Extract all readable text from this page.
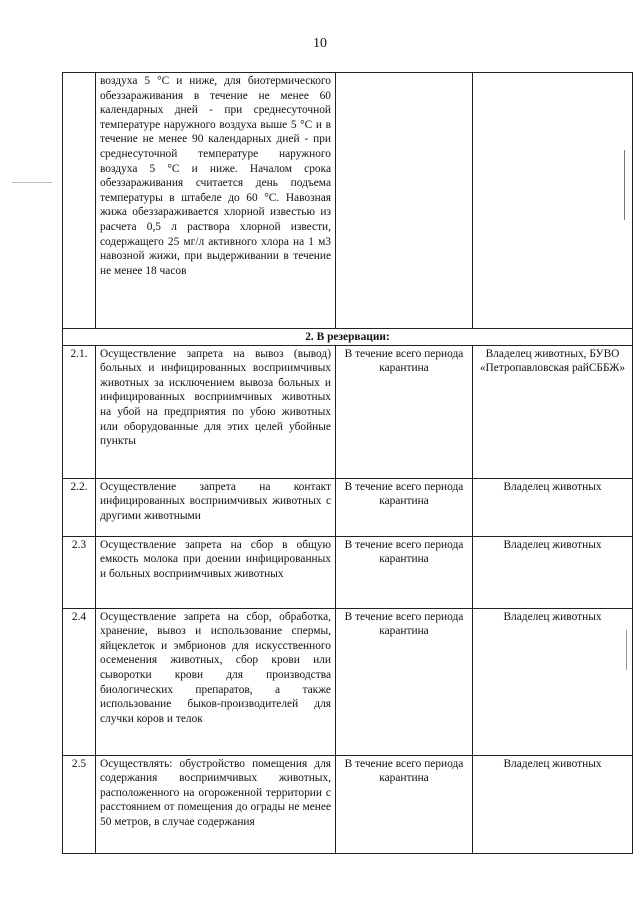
10
	воздуха 5 °С и ниже, для биотермического обеззараживания в течение не менее 60 календарных дней - при среднесуточной температуре наружного воздуха выше 5 °С и в течение не менее 90 календарных дней - при среднесуточной температуре наружного воздуха 5 °С и ниже. Началом срока обеззараживания считается день подъема температуры в штабеле до 60 °С. Навозная жижа обеззараживается хлорной известью из расчета 0,5 л раствора хлорной извести, содержащего 25 мг/л активного хлора на 1 м3 навозной жижи, при выдерживании в течение не менее 18 часов		
2. В резервации:			
2.1.	Осуществление запрета на вывоз (вывод) больных и инфицированных восприимчивых животных за исключением вывоза больных и инфицированных восприимчивых животных на убой на предприятия по убою животных или оборудованные для этих целей убойные пункты	В течение всего периода карантина	Владелец животных, БУВО «Петропавловская райСББЖ»
2.2.	Осуществление запрета на контакт инфицированных восприимчивых животных с другими животными	В течение всего периода карантина	Владелец животных
2.3	Осуществление запрета на сбор в общую емкость молока при доении инфицированных и больных восприимчивых животных	В течение всего периода карантина	Владелец животных
2.4	Осуществление запрета на сбор, обработка, хранение, вывоз и использование спермы, яйцеклеток и эмбрионов для искусственного осеменения животных, сбор крови или сыворотки крови для производства биологических препаратов, а также использование быков-производителей для случки коров и телок	В течение всего периода карантина	Владелец животных
2.5	Осуществлять: обустройство помещения для содержания восприимчивых животных, расположенного на огороженной территории с расстоянием от помещения до ограды не менее 50 метров, в случае содержания	В течение всего периода карантина	Владелец животных
